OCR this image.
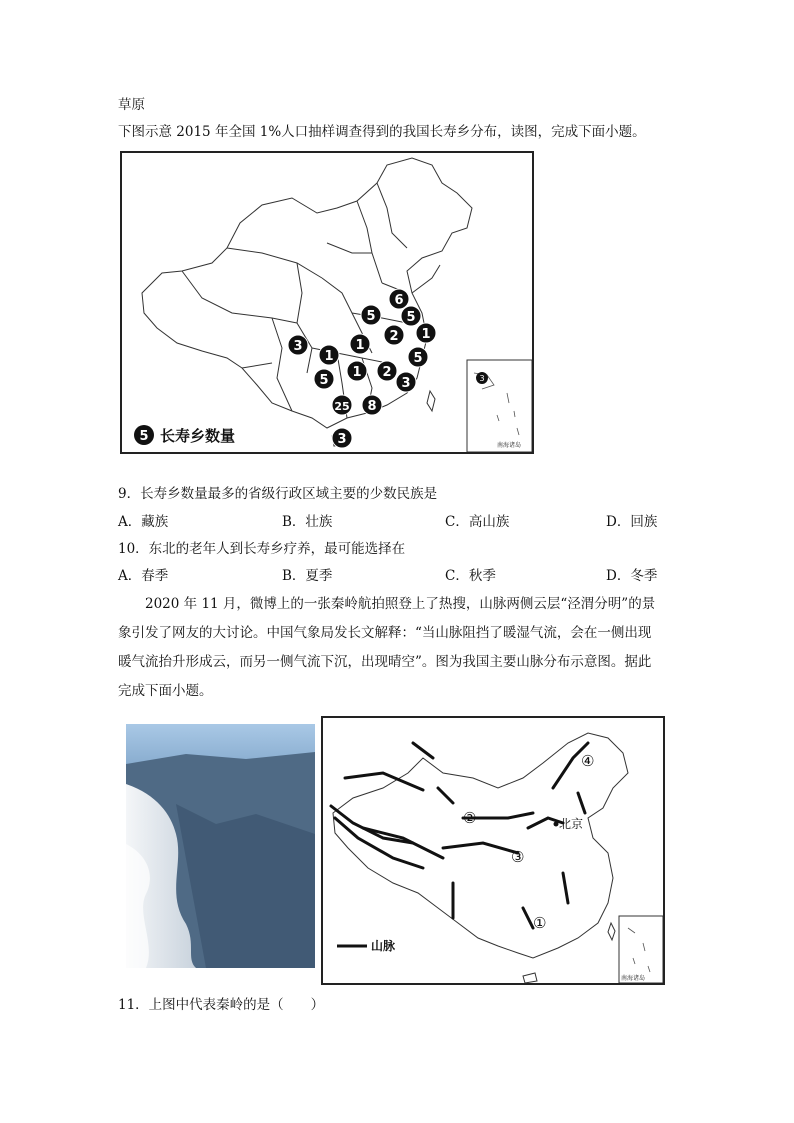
草原
下图示意 2015 年全国 1%人口抽样调查得到的我国长寿乡分布，读图，完成下面小题。
南海诸岛
6
5 5
2 1
3	1
1	5
1 2
5	3
25 8
3
3
5 长寿乡数量
9．长寿乡数量最多的省级行政区域主要的少数民族是
A．藏族	B．壮族	C．高山族	D．回族
10．东北的老年人到长寿乡疗养，最可能选择在
A．春季	B．夏季	C．秋季	D．冬季
2020 年 11 月，微博上的一张秦岭航拍照登上了热搜，山脉两侧云层“泾渭分明”的景象引发了网友的大讨论。中国气象局发长文解释：“当山脉阻挡了暖湿气流，会在一侧出现暖气流抬升形成云，而另一侧气流下沉，出现晴空”。图为我国主要山脉分布示意图。据此完成下面小题。
南海诸岛
②
③
④
①
北京
山脉
11．上图中代表秦岭的是（　　）
